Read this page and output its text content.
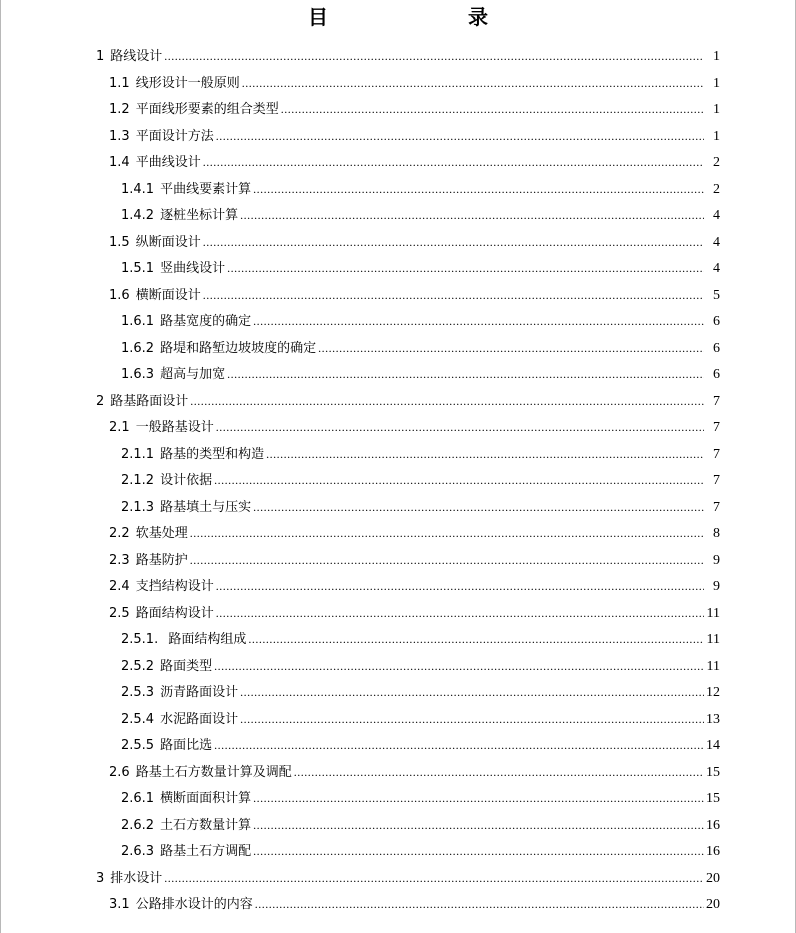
目　录
1 路线设计 .....	1
1.1 线形设计一般原则 .....	1
1.2 平面线形要素的组合类型 .....	1
1.3 平面设计方法 .....	1
1.4 平曲线设计 .....	2
1.4.1 平曲线要素计算 .....	2
1.4.2 逐桩坐标计算 .....	4
1.5 纵断面设计 .....	4
1.5.1 竖曲线设计 .....	4
1.6 横断面设计 .....	5
1.6.1 路基宽度的确定 .....	6
1.6.2 路堤和路堑边坡坡度的确定 .....	6
1.6.3 超高与加宽 .....	6
2 路基路面设计 .....	7
2.1 一般路基设计 .....	7
2.1.1 路基的类型和构造 .....	7
2.1.2 设计依据 .....	7
2.1.3 路基填土与压实 .....	7
2.2 软基处理 .....	8
2.3 路基防护 .....	9
2.4 支挡结构设计 .....	9
2.5 路面结构设计 .....	11
2.5.1. 路面结构组成 .....	11
2.5.2 路面类型 .....	11
2.5.3 沥青路面设计 .....	12
2.5.4 水泥路面设计 .....	13
2.5.5 路面比选 .....	14
2.6 路基土石方数量计算及调配 .....	15
2.6.1 横断面面积计算 .....	15
2.6.2 土石方数量计算 .....	16
2.6.3 路基土石方调配 .....	16
3 排水设计 .....	20
3.1 公路排水设计的内容 .....	20
